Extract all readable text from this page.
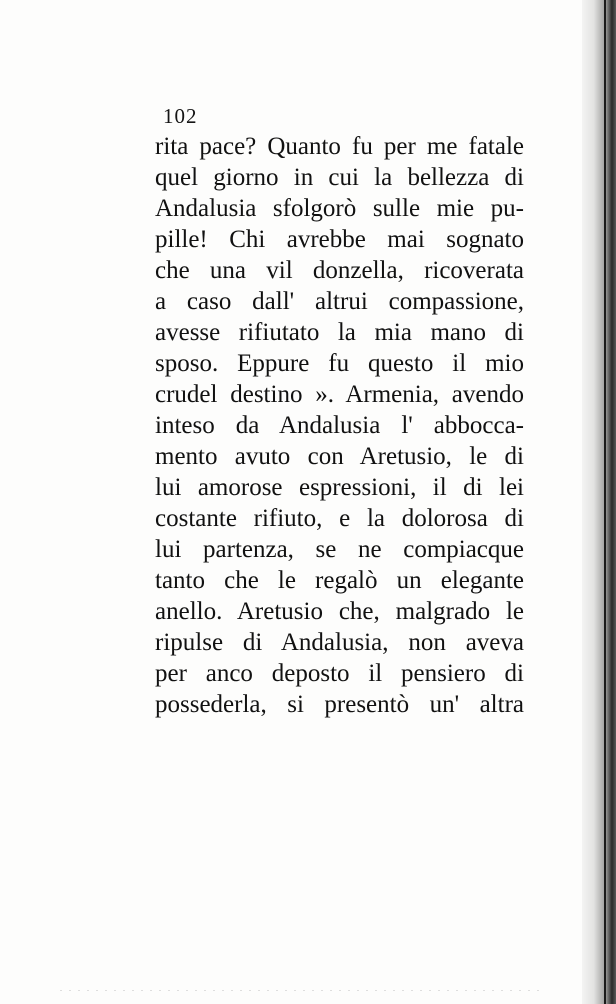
102
rita pace? Quanto fu per me fatale
quel giorno in cui la bellezza di
Andalusia sfolgorò sulle mie pu-
pille! Chi avrebbe mai sognato
che una vil donzella, ricoverata
a caso dall' altrui compassione,
avesse rifiutato la mia mano di
sposo. Eppure fu questo il mio
crudel destino ». Armenia, avendo
inteso da Andalusia l' abbocca-
mento avuto con Aretusio, le di
lui amorose espressioni, il di lei
costante rifiuto, e la dolorosa di
lui partenza, se ne compiacque
tanto che le regalò un elegante
anello. Aretusio che, malgrado le
ripulse di Andalusia, non aveva
per anco deposto il pensiero di
possederla, si presentò un' altra
